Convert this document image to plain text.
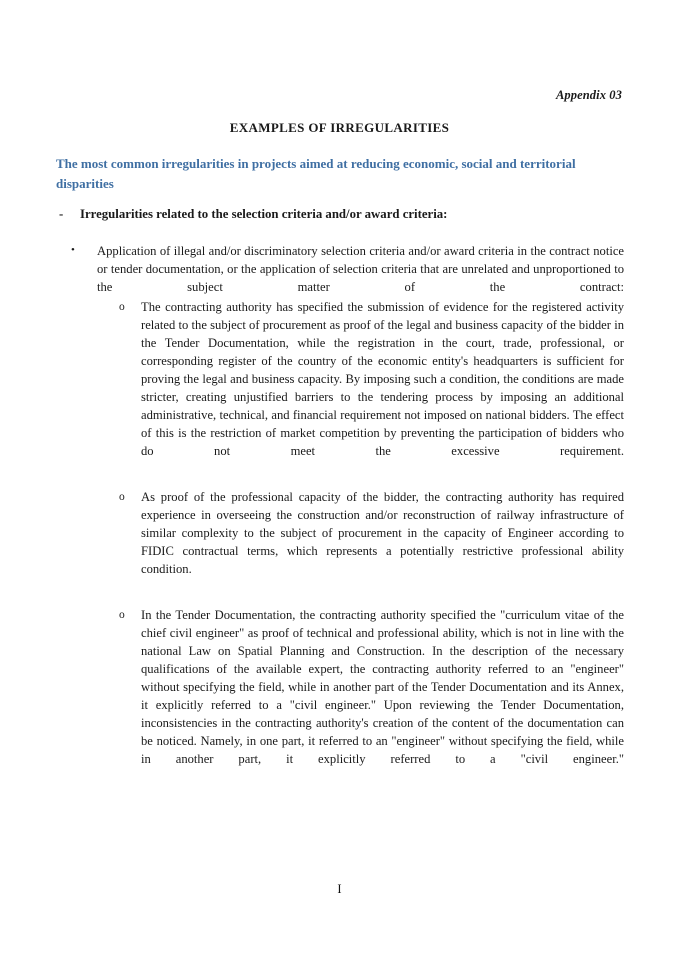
Appendix 03
EXAMPLES OF IRREGULARITIES
The most common irregularities in projects aimed at reducing economic, social and territorial disparities
-	Irregularities related to the selection criteria and/or award criteria:
• Application of illegal and/or discriminatory selection criteria and/or award criteria in the contract notice or tender documentation, or the application of selection criteria that are unrelated and unproportioned to the subject matter of the contract:
o The contracting authority has specified the submission of evidence for the registered activity related to the subject of procurement as proof of the legal and business capacity of the bidder in the Tender Documentation, while the registration in the court, trade, professional, or corresponding register of the country of the economic entity's headquarters is sufficient for proving the legal and business capacity. By imposing such a condition, the conditions are made stricter, creating unjustified barriers to the tendering process by imposing an additional administrative, technical, and financial requirement not imposed on national bidders. The effect of this is the restriction of market competition by preventing the participation of bidders who do not meet the excessive requirement.
o As proof of the professional capacity of the bidder, the contracting authority has required experience in overseeing the construction and/or reconstruction of railway infrastructure of similar complexity to the subject of procurement in the capacity of Engineer according to FIDIC contractual terms, which represents a potentially restrictive professional ability condition.
o In the Tender Documentation, the contracting authority specified the "curriculum vitae of the chief civil engineer" as proof of technical and professional ability, which is not in line with the national Law on Spatial Planning and Construction. In the description of the necessary qualifications of the available expert, the contracting authority referred to an "engineer" without specifying the field, while in another part of the Tender Documentation and its Annex, it explicitly referred to a "civil engineer." Upon reviewing the Tender Documentation, inconsistencies in the contracting authority's creation of the content of the documentation can be noticed. Namely, in one part, it referred to an "engineer" without specifying the field, while in another part, it explicitly referred to a "civil engineer."
I
